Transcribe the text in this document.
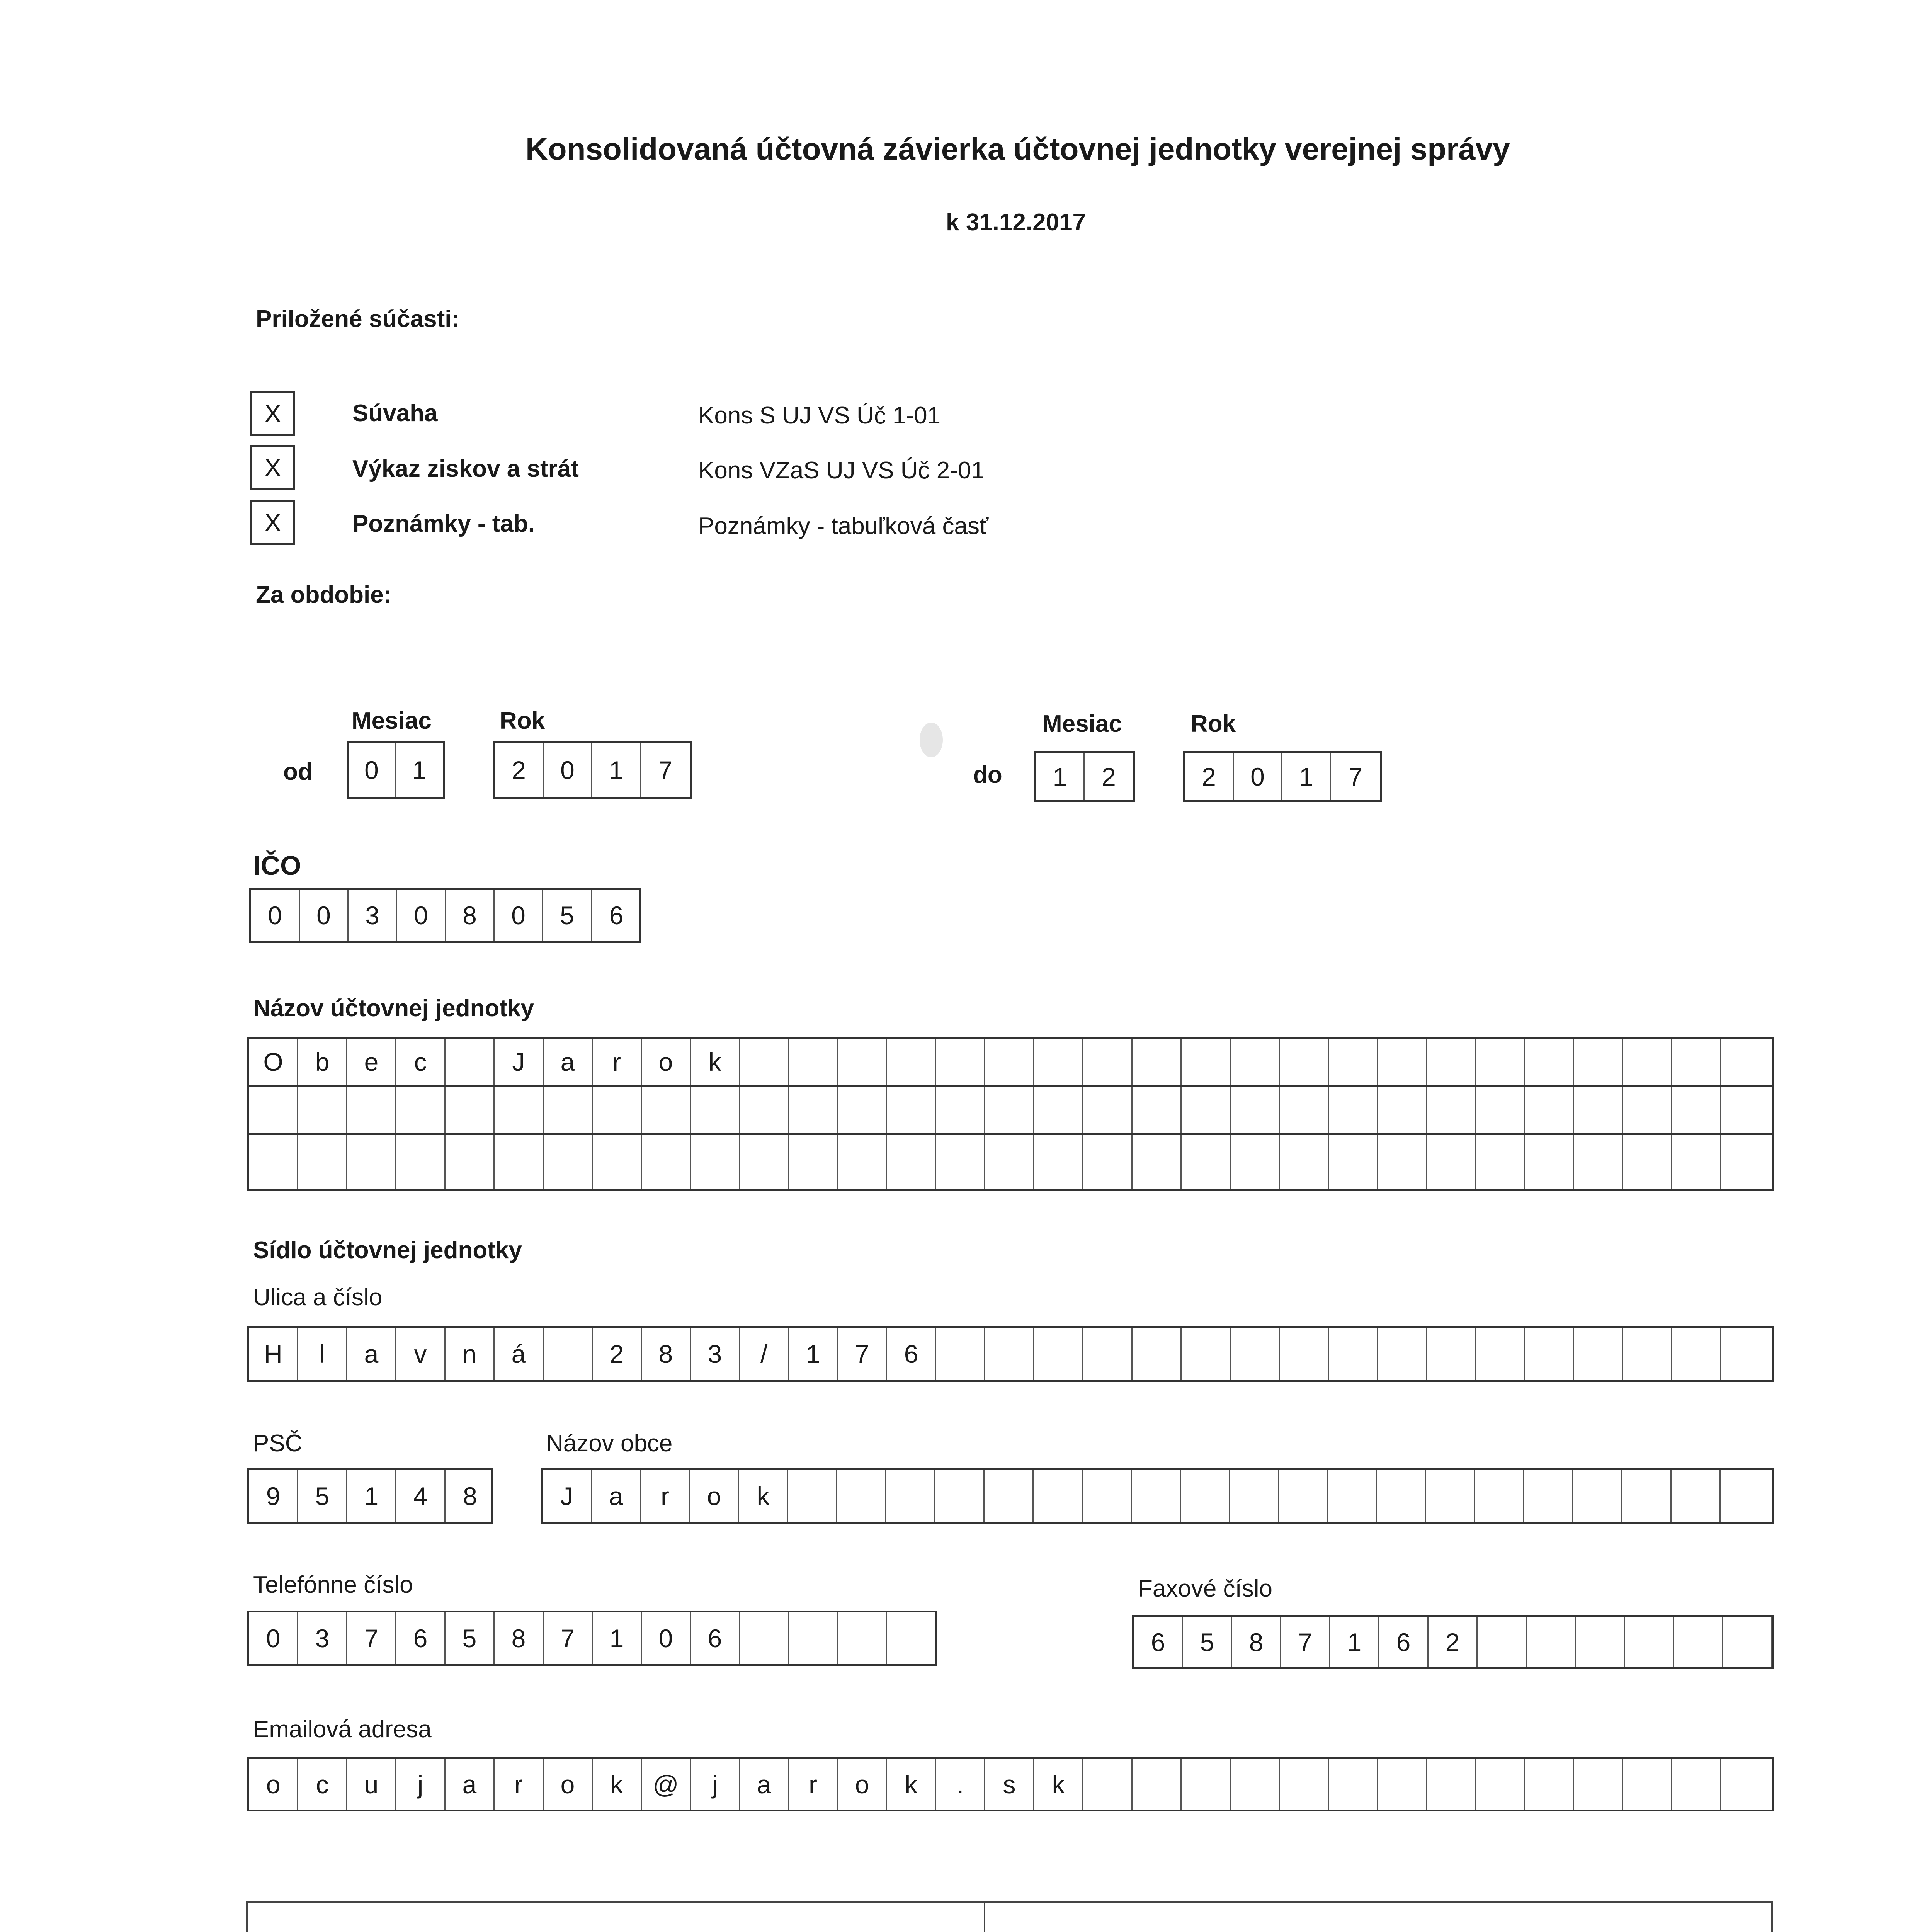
Konsolidovaná účtovná závierka účtovnej jednotky verejnej správy
k 31.12.2017
Priložené súčasti:
X	Súvaha	Kons S UJ VS Úč 1-01
X	Výkaz ziskov a strát	Kons VZaS UJ VS Úč 2-01
X	Poznámky - tab.	Poznámky - tabuľková časť
Za obdobie:
Mesiac	Rok
od	0	1	2	0	1	7
Mesiac	Rok
do	1	2	2	0	1	7
IČO
0	0	3	0	8	0	5	6
Názov účtovnej jednotky
O	b	e	c	J	a	r	o	k
Sídlo účtovnej jednotky
Ulica a číslo
H	l	a	v	n	á	2	8	3	/	1	7	6
PSČ
9	5	1	4	8
Názov obce
J	a	r	o	k
Telefónne číslo
0	3	7	6	5	8	7	1	0	6
Faxové číslo
6	5	8	7	1	6	2
Emailová adresa
o	c	u	j	a	r	o	k	@	j	a	r	o	k	.	s	k
